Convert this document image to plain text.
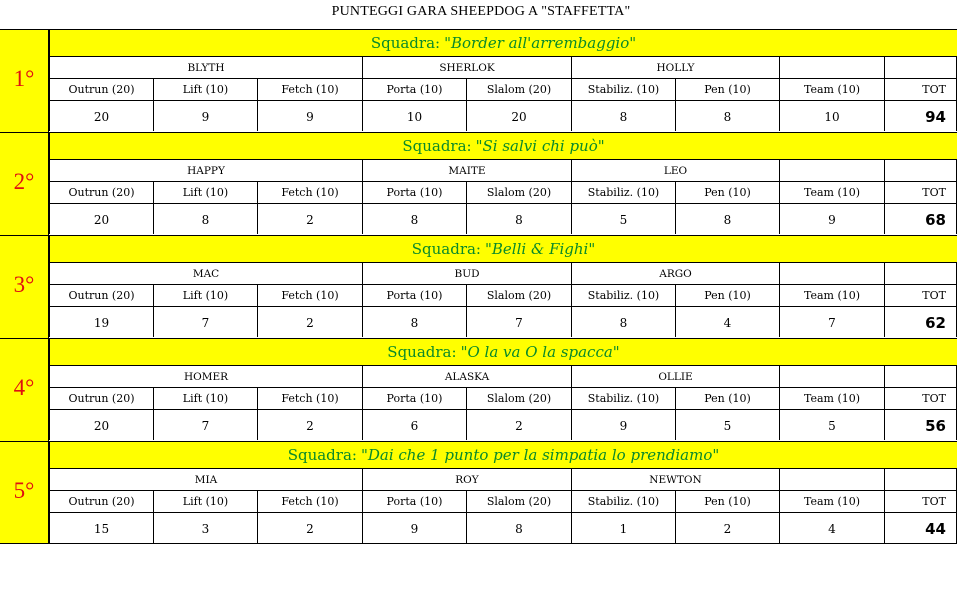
PUNTEGGI GARA SHEEPDOG A "STAFFETTA"
1°
Squadra: "Border all'arrembaggio"
BLYTH	SHERLOK	HOLLY
Outrun (20)	Lift (10)	Fetch (10)	Porta (10)	Slalom (20)	Stabiliz. (10)	Pen (10)	Team (10)	TOT
20	9	9	10	20	8	8	10	94
2°
Squadra: "Si salvi chi può"
HAPPY	MAITE	LEO
Outrun (20)	Lift (10)	Fetch (10)	Porta (10)	Slalom (20)	Stabiliz. (10)	Pen (10)	Team (10)	TOT
20	8	2	8	8	5	8	9	68
3°
Squadra: "Belli & Fighi"
MAC	BUD	ARGO
Outrun (20)	Lift (10)	Fetch (10)	Porta (10)	Slalom (20)	Stabiliz. (10)	Pen (10)	Team (10)	TOT
19	7	2	8	7	8	4	7	62
4°
Squadra: "O la va O la spacca"
HOMER	ALASKA	OLLIE
Outrun (20)	Lift (10)	Fetch (10)	Porta (10)	Slalom (20)	Stabiliz. (10)	Pen (10)	Team (10)	TOT
20	7	2	6	2	9	5	5	56
5°
Squadra: "Dai che 1 punto per la simpatia lo prendiamo"
MIA	ROY	NEWTON
Outrun (20)	Lift (10)	Fetch (10)	Porta (10)	Slalom (20)	Stabiliz. (10)	Pen (10)	Team (10)	TOT
15	3	2	9	8	1	2	4	44
